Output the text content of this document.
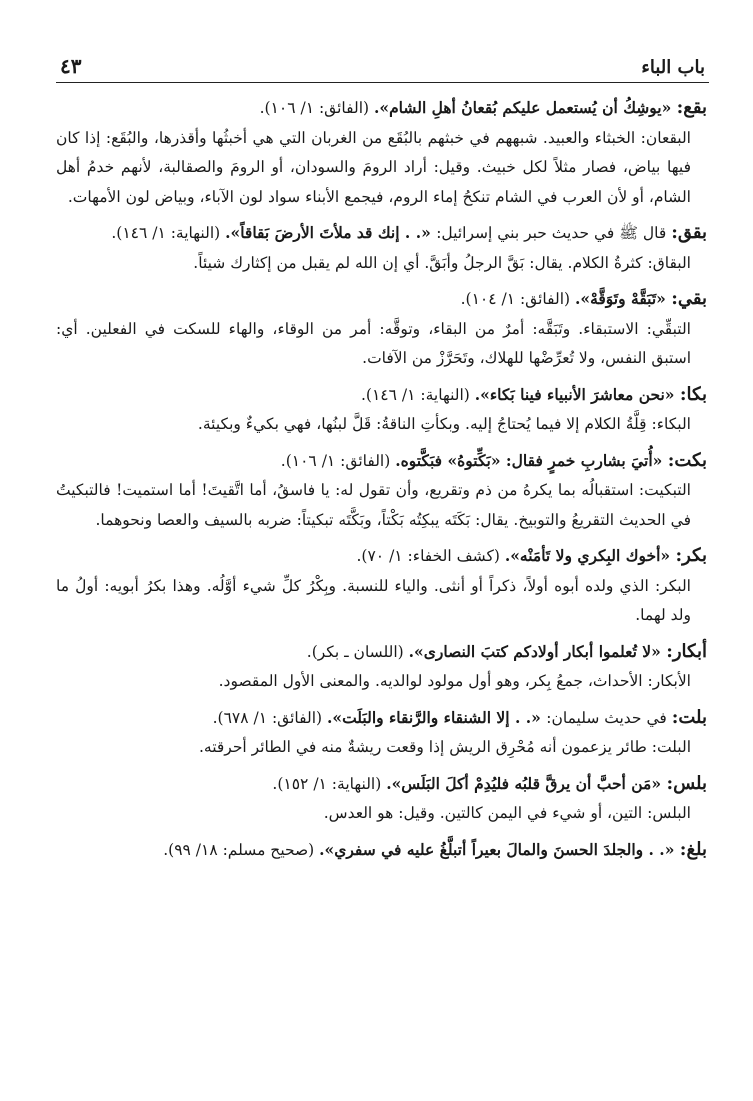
باب الباء
٤٣

بقع: «يوشِكُ أن يُستعمل عليكم بُقعانُ أهلِ الشام». (الفائق: ١/ ١٠٦).

البقعان: الخبثاء والعبيد. شبههم في خبثهم بالبُقَع من الغربان التي هي أخبثُها وأقذرها، والبُقَع: إذا كان فيها بياض، فصار مثلاً لكل خبيث. وقيل: أراد الرومَ والسودان، أو الرومَ والصقالبة، لأنهم خدمُ أهل الشام، أو لأن العرب في الشام تنكحُ إماء الروم، فيجمع الأبناء سواد لون الآباء، وبياض لون الأمهات.

بقق: قال ﷺ في حديث حبر بني إسرائيل: «. . إنك قد ملأتَ الأرضَ بَقاقاً». (النهاية: ١/ ١٤٦).

البقاق: كثرةُ الكلام. يقال: بَقَّ الرجلُ وأبَقَّ. أي إن الله لم يقبل من إكثارك شيئاً.

بقي: «تَبَقَّهْ وتَوَقَّهْ». (الفائق: ١/ ١٠٤).

التبقِّي: الاستبقاء. وتَبَقَّه: أمرٌ من البقاء، وتوقَّه: أمر من الوقاء، والهاء للسكت في الفعلين. أي: استبق النفس، ولا تُعرِّضْها للهلاك، وتَحَرَّزْ من الآفات.

بكا: «نحن معاشرَ الأنبياء فينا بَكاء». (النهاية: ١/ ١٤٦).

البكاء: قِلَّةُ الكلام إلا فيما يُحتاجُ إليه. وبكأتِ الناقةُ: قَلَّ لبنُها، فهي بكيءٌ وبكيئة.

بكت: «أُتيَ بشاربِ خمرٍ فقال: «بَكِّتوهُ» فبَكَّتوه. (الفائق: ١/ ١٠٦).

التبكيت: استقبالُه بما يكرهُ من ذم وتقريع، وأن تقول له: يا فاسقُ، أما اتَّقيتَ! أما استميت! فالتبكيتُ في الحديث التقريعُ والتوبيخ. يقال: بَكَتَه يبكِتُه بَكْتاً، وبَكَّتَه تبكيتاً: ضربه بالسيف والعصا ونحوهما.

بكر: «أخوك البِكري ولا تَأمَنْه». (كشف الخفاء: ١/ ٧٠).

البكر: الذي ولده أبوه أولاً، ذكراً أو أنثى. والياء للنسبة. وبِكْرُ كلِّ شيء أوَّلُه. وهذا بكرُ أبويه: أولُ ما ولد لهما.

أبكار: «لا تُعلموا أبكار أولادكم كتبَ النصارى». (اللسان ـ بكر).

الأبكار: الأحداث، جمعُ بِكر، وهو أول مولود لوالديه. والمعنى الأول المقصود.

بلت: في حديث سليمان: «. . إلا الشنقاء والرَّنقاء والبَلَت». (الفائق: ١/ ٦٧٨).

البلت: طائر يزعمون أنه مُحْرِق الريش إذا وقعت ريشةٌ منه في الطائر أحرقته.

بلس: «مَن أحبَّ أن يرقَّ قلبُه فليُدِمْ أكلَ البَلَس». (النهاية: ١/ ١٥٢).

البلس: التين، أو شيء في اليمن كالتين. وقيل: هو العدس.

بلغ: «. . والجلدَ الحسنَ والمالَ بعيراً أتبلَّغُ عليه في سفري». (صحيح مسلم: ١٨/ ٩٩).
